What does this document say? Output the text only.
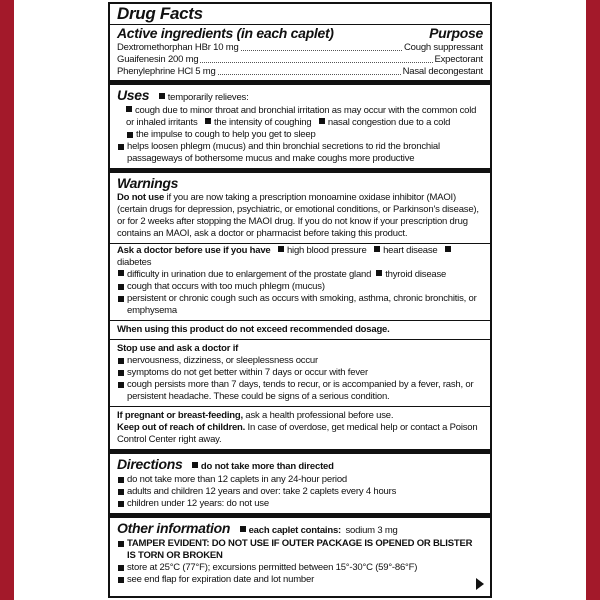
Drug Facts
Active ingredients (in each caplet)	Purpose
Dextromethorphan HBr 10 mg	Cough suppressant
Guaifenesin 200 mg	Expectorant
Phenylephrine HCl 5 mg	Nasal decongestant
Uses temporarily relieves:
cough due to minor throat and bronchial irritation as may occur with the common cold or inhaled irritants the intensity of coughing nasal congestion due to a cold
the impulse to cough to help you get to sleep
helps loosen phlegm (mucus) and thin bronchial secretions to rid the bronchial passageways of bothersome mucus and make coughs more productive
Warnings
Do not use if you are now taking a prescription monoamine oxidase inhibitor (MAOI) (certain drugs for depression, psychiatric, or emotional conditions, or Parkinson's disease), or for 2 weeks after stopping the MAOI drug. If you do not know if your prescription drug contains an MAOI, ask a doctor or pharmacist before taking this product.
Ask a doctor before use if you have high blood pressure heart disease diabetes
difficulty in urination due to enlargement of the prostate gland thyroid disease
cough that occurs with too much phlegm (mucus)
persistent or chronic cough such as occurs with smoking, asthma, chronic bronchitis, or emphysema
When using this product do not exceed recommended dosage.
Stop use and ask a doctor if
nervousness, dizziness, or sleeplessness occur
symptoms do not get better within 7 days or occur with fever
cough persists more than 7 days, tends to recur, or is accompanied by a fever, rash, or persistent headache. These could be signs of a serious condition.
If pregnant or breast-feeding, ask a health professional before use.
Keep out of reach of children. In case of overdose, get medical help or contact a Poison Control Center right away.
Directions do not take more than directed
do not take more than 12 caplets in any 24-hour period
adults and children 12 years and over: take 2 caplets every 4 hours
children under 12 years: do not use
Other information each caplet contains: sodium 3 mg
TAMPER EVIDENT: DO NOT USE IF OUTER PACKAGE IS OPENED OR BLISTER IS TORN OR BROKEN
store at 25°C (77°F); excursions permitted between 15°-30°C (59°-86°F)
see end flap for expiration date and lot number
